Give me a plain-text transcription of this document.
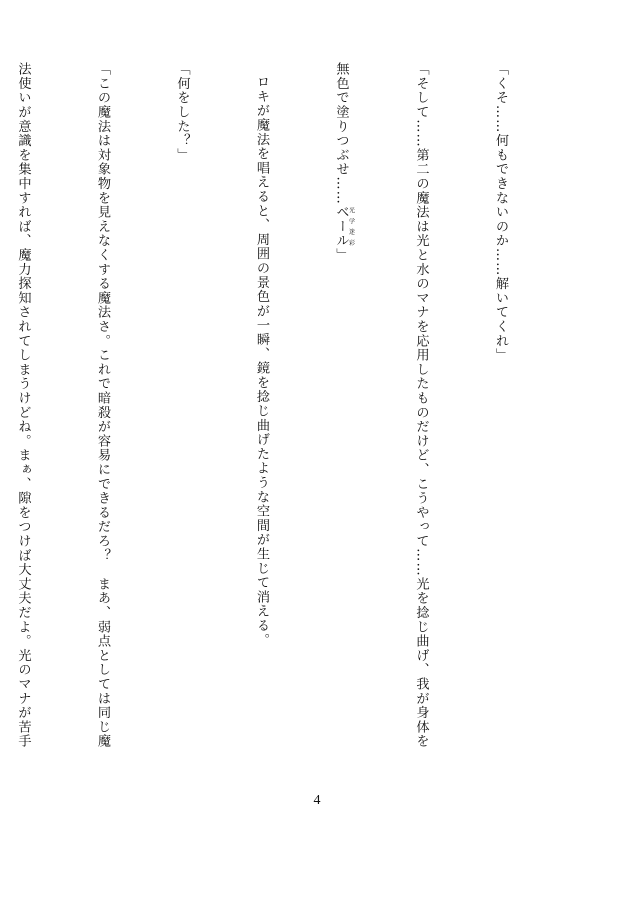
「くそ……何もできないのか……解いてくれ」

「そして……第二の魔法は光と水のマナを応用したものだけど、こうやって……光を捻じ曲げ、我が身体を

無色で塗りつぶせ……ベール 光学迷彩」

ロキが魔法を唱えると、周囲の景色が一瞬、鏡を捻じ曲げたような空間が生じて消える。

「何をした？」

「この魔法は対象物を見えなくする魔法さ。これで暗殺が容易にできるだろ？　まあ、弱点としては同じ魔

法使いが意識を集中すれば、魔力探知されてしまうけどね。まぁ、隙をつけば大丈夫だよ。光のマナが苦手

4
